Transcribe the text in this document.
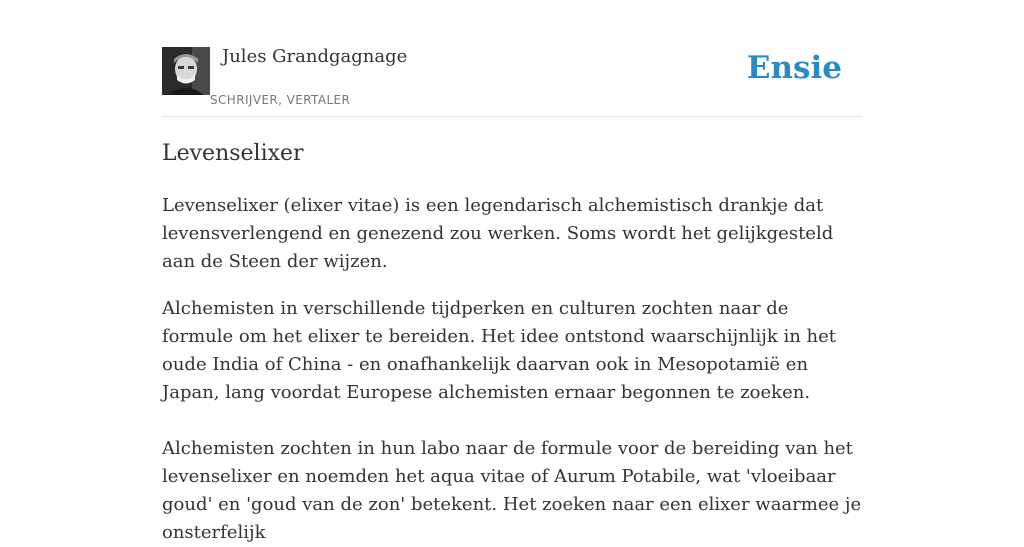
Jules Grandgagnage
SCHRIJVER, VERTALER
Ensie
Levenselixer

Levenselixer (elixer vitae) is een legendarisch alchemistisch drankje dat levensverlengend en genezend zou werken. Soms wordt het gelijkgesteld aan de Steen der wijzen.

Alchemisten in verschillende tijdperken en culturen zochten naar de formule om het elixer te bereiden. Het idee ontstond waarschijnlijk in het oude India of China - en onafhankelijk daarvan ook in Mesopotamië en Japan, lang voordat Europese alchemisten ernaar begonnen te zoeken.

Alchemisten zochten in hun labo naar de formule voor de bereiding van het levenselixer en noemden het aqua vitae of Aurum Potabile, wat 'vloeibaar goud' en 'goud van de zon' betekent. Het zoeken naar een elixer waarmee je onsterfelijk
